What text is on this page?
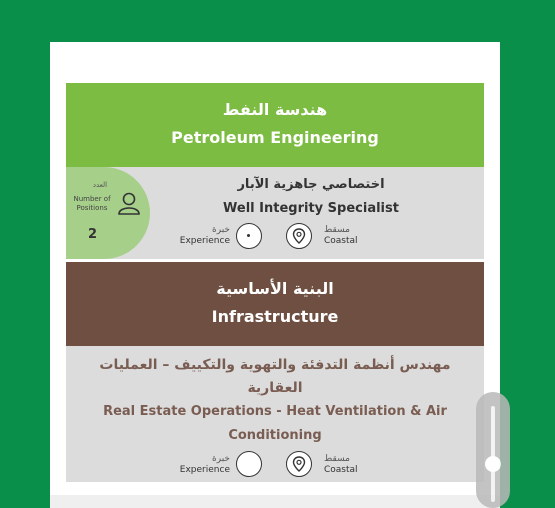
هندسة النفط
Petroleum Engineering
العدد
Number of Positions
2
اختصاصي جاهزية الآبار
Well Integrity Specialist
خبرة
Experience
مسقط
Coastal
البنية الأساسية
Infrastructure
مهندس أنظمة التدفئة والتهوية والتكييف – العمليات العقارية
Real Estate Operations - Heat Ventilation & Air Conditioning
خبرة
Experience
مسقط
Coastal
